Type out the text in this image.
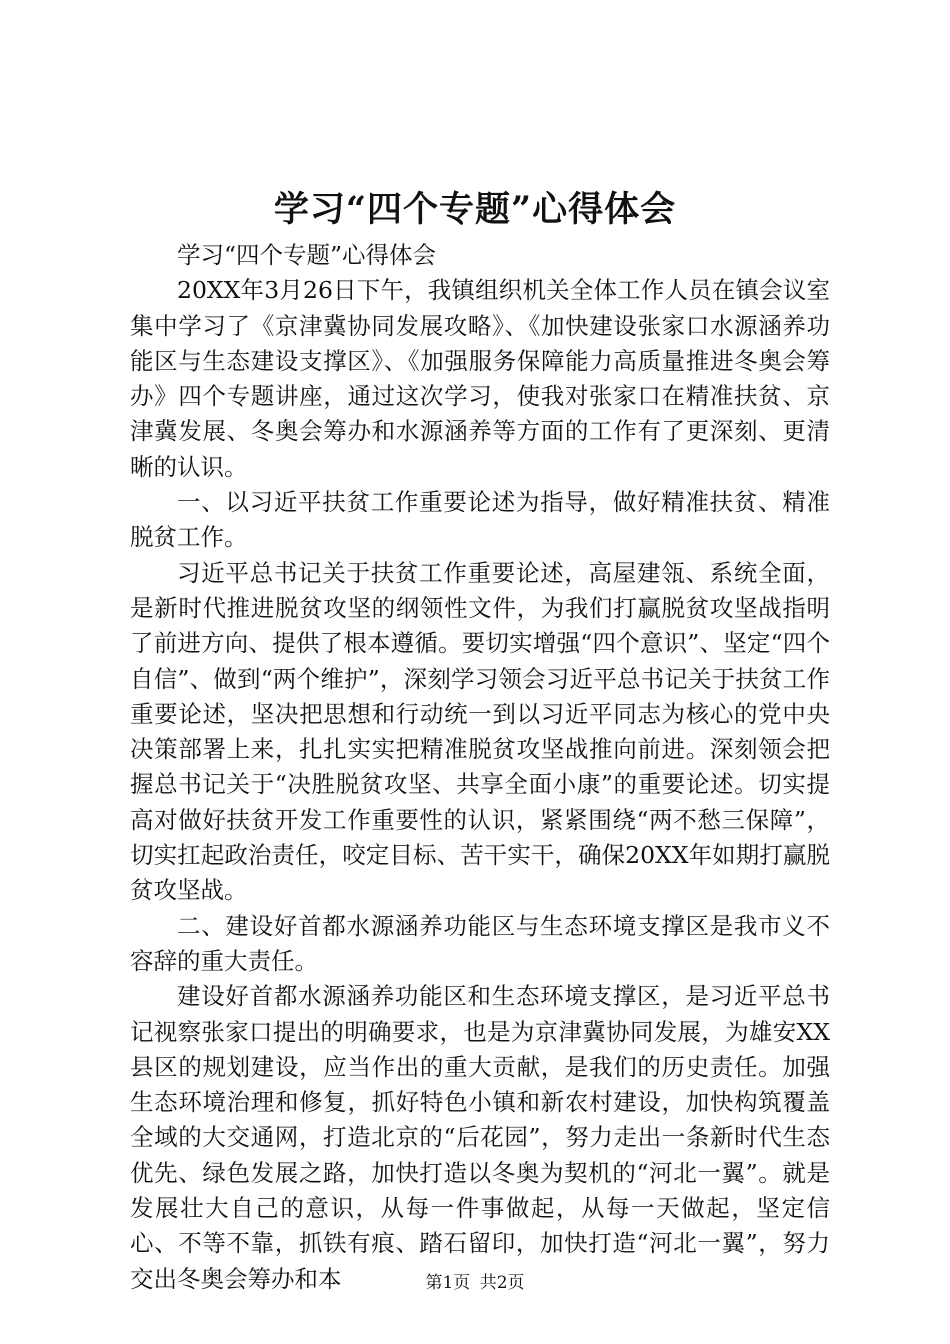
学习“四个专题”心得体会

学习“四个专题”心得体会

20XX年3月26日下午，我镇组织机关全体工作人员在镇会议室集中学习了《京津冀协同发展攻略》、《加快建设张家口水源涵养功能区与生态建设支撑区》、《加强服务保障能力高质量推进冬奥会筹办》四个专题讲座，通过这次学习，使我对张家口在精准扶贫、京津冀发展、冬奥会筹办和水源涵养等方面的工作有了更深刻、更清晰的认识。

一、以习近平扶贫工作重要论述为指导，做好精准扶贫、精准脱贫工作。

习近平总书记关于扶贫工作重要论述，高屋建瓴、系统全面，是新时代推进脱贫攻坚的纲领性文件，为我们打赢脱贫攻坚战指明了前进方向、提供了根本遵循。要切实增强“四个意识”、坚定“四个自信”、做到“两个维护”，深刻学习领会习近平总书记关于扶贫工作重要论述，坚决把思想和行动统一到以习近平同志为核心的党中央决策部署上来，扎扎实实把精准脱贫攻坚战推向前进。深刻领会把握总书记关于“决胜脱贫攻坚、共享全面小康”的重要论述。切实提高对做好扶贫开发工作重要性的认识，紧紧围绕“两不愁三保障”，切实扛起政治责任，咬定目标、苦干实干，确保20XX年如期打赢脱贫攻坚战。

二、建设好首都水源涵养功能区与生态环境支撑区是我市义不容辞的重大责任。

建设好首都水源涵养功能区和生态环境支撑区，是习近平总书记视察张家口提出的明确要求，也是为京津冀协同发展，为雄安XX县区的规划建设，应当作出的重大贡献，是我们的历史责任。加强生态环境治理和修复，抓好特色小镇和新农村建设，加快构筑覆盖全域的大交通网，打造北京的“后花园”，努力走出一条新时代生态优先、绿色发展之路，加快打造以冬奥为契机的“河北一翼”。就是发展壮大自己的意识，从每一件事做起，从每一天做起，坚定信心、不等不靠，抓铁有痕、踏石留印，加快打造“河北一翼”，努力交出冬奥会筹办和本	第1页 共2页
